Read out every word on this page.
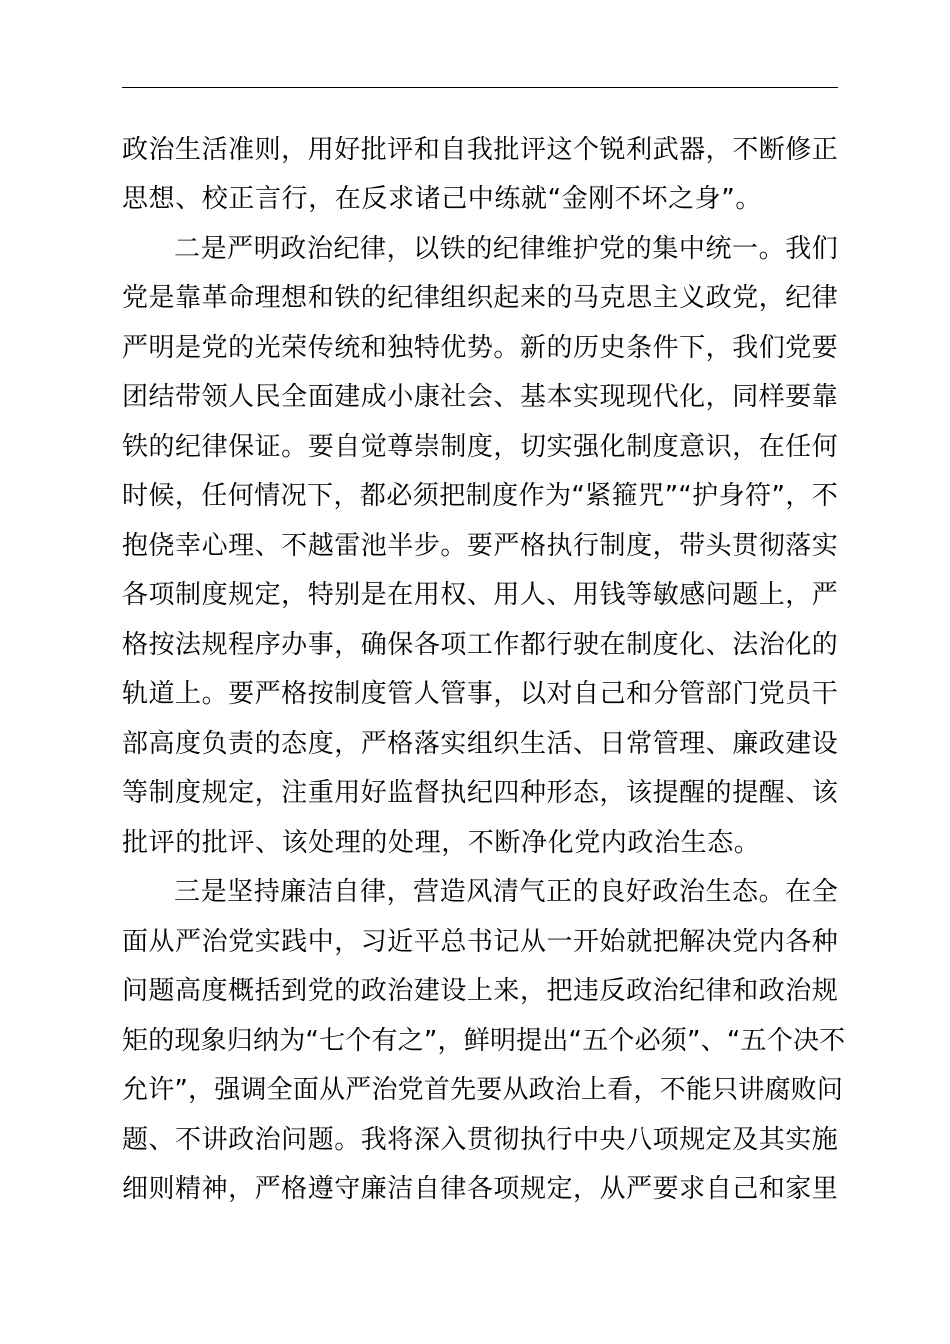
政治生活准则，用好批评和自我批评这个锐利武器，不断修正
思想、校正言行，在反求诸己中练就“金刚不坏之身”。
二是严明政治纪律，以铁的纪律维护党的集中统一。我们
党是靠革命理想和铁的纪律组织起来的马克思主义政党，纪律
严明是党的光荣传统和独特优势。新的历史条件下，我们党要
团结带领人民全面建成小康社会、基本实现现代化，同样要靠
铁的纪律保证。要自觉尊崇制度，切实强化制度意识，在任何
时候，任何情况下，都必须把制度作为“紧箍咒”“护身符”，不
抱侥幸心理、不越雷池半步。要严格执行制度，带头贯彻落实
各项制度规定，特别是在用权、用人、用钱等敏感问题上，严
格按法规程序办事，确保各项工作都行驶在制度化、法治化的
轨道上。要严格按制度管人管事，以对自己和分管部门党员干
部高度负责的态度，严格落实组织生活、日常管理、廉政建设
等制度规定，注重用好监督执纪四种形态，该提醒的提醒、该
批评的批评、该处理的处理，不断净化党内政治生态。
三是坚持廉洁自律，营造风清气正的良好政治生态。在全
面从严治党实践中，习近平总书记从一开始就把解决党内各种
问题高度概括到党的政治建设上来，把违反政治纪律和政治规
矩的现象归纳为“七个有之”，鲜明提出“五个必须”、“五个决不
允许”，强调全面从严治党首先要从政治上看，不能只讲腐败问
题、不讲政治问题。我将深入贯彻执行中央八项规定及其实施
细则精神，严格遵守廉洁自律各项规定，从严要求自己和家里
